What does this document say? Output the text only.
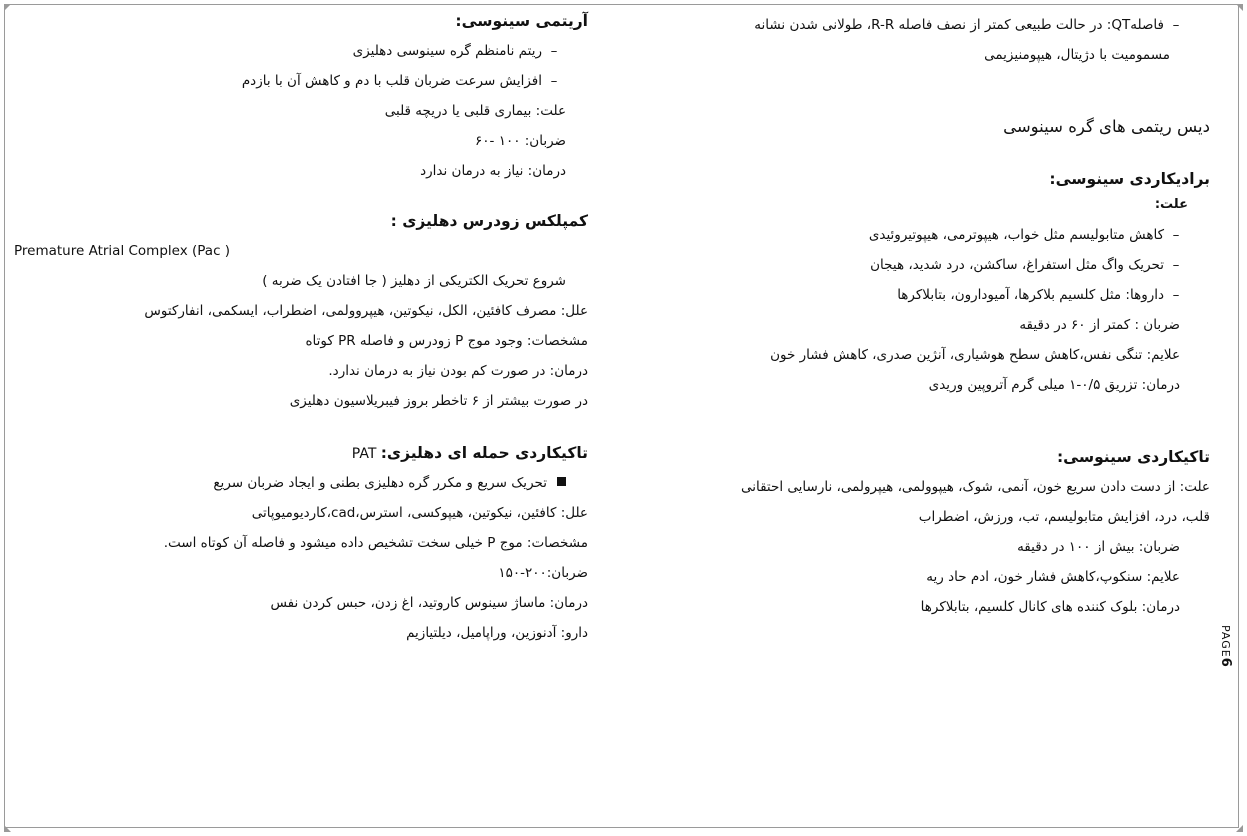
–فاصلهQT: در حالت طبیعی کمتر از نصف فاصله R-R، طولانی شدن نشانه
مسمومیت با دژیتال، هیپومنیزیمی
دیس ریتمی های گره سینوسی
برادیکاردی سینوسی:
علت:
–کاهش متابولیسم مثل خواب، هیپوترمی، هیپوتیروئیدی
–تحریک واگ مثل استفراغ، ساکشن، درد شدید، هیجان
–داروها: مثل کلسیم بلاکرها، آمیودارون، بتابلاکرها
ضربان : کمتر از ۶۰ در دقیقه
علایم: تنگی نفس،کاهش سطح هوشیاری، آنژین صدری، کاهش فشار خون
درمان: تزریق ۰/۵-۱ میلی گرم آتروپین وریدی
تاکیکاردی سینوسی:
علت: از دست دادن سریع خون، آنمی، شوک، هیپوولمی، هیپرولمی، نارسایی احتقانی
قلب، درد، افزایش متابولیسم، تب، ورزش، اضطراب
ضربان: بیش از ۱۰۰ در دقیقه
علایم: سنکوپ،کاهش فشار خون، ادم حاد ریه
درمان: بلوک کننده های کانال کلسیم، بتابلاکرها
آریتمی سینوسی:
–ریتم نامنظم گره سینوسی دهلیزی
–افزایش سرعت ضربان قلب با دم و کاهش آن با بازدم
علت: بیماری قلبی یا دریچه قلبی
ضربان: ۱۰۰ -۶۰
درمان: نیاز به درمان ندارد
کمپلکس زودرس دهلیزی :
Premature Atrial Complex (Pac )
شروع تحریک الکتریکی از دهلیز ( جا افتادن یک ضربه )
علل: مصرف کافئین، الکل، نیکوتین، هیپروولمی، اضطراب، ایسکمی، انفارکتوس
مشخصات: وجود موج P زودرس و فاصله PR کوتاه
درمان: در صورت کم بودن نیاز به درمان ندارد.
در صورت بیشتر از ۶ تاخطر بروز فیبریلاسیون دهلیزی
تاکیکاردی حمله ای دهلیزی: PAT
تحریک سریع و مکرر گره دهلیزی بطنی و ایجاد ضربان سریع
علل: کافئین، نیکوتین، هیپوکسی، استرس،cad،کاردیومیوپاتی
مشخصات: موج P خیلی سخت تشخیص داده میشود و فاصله آن کوتاه است.
ضربان:۲۰۰-۱۵۰
درمان: ماساژ سینوس کاروتید، اغ زدن، حبس کردن نفس
دارو: آدنوزین، وراپامیل، دیلتیازیم	PAGE6
